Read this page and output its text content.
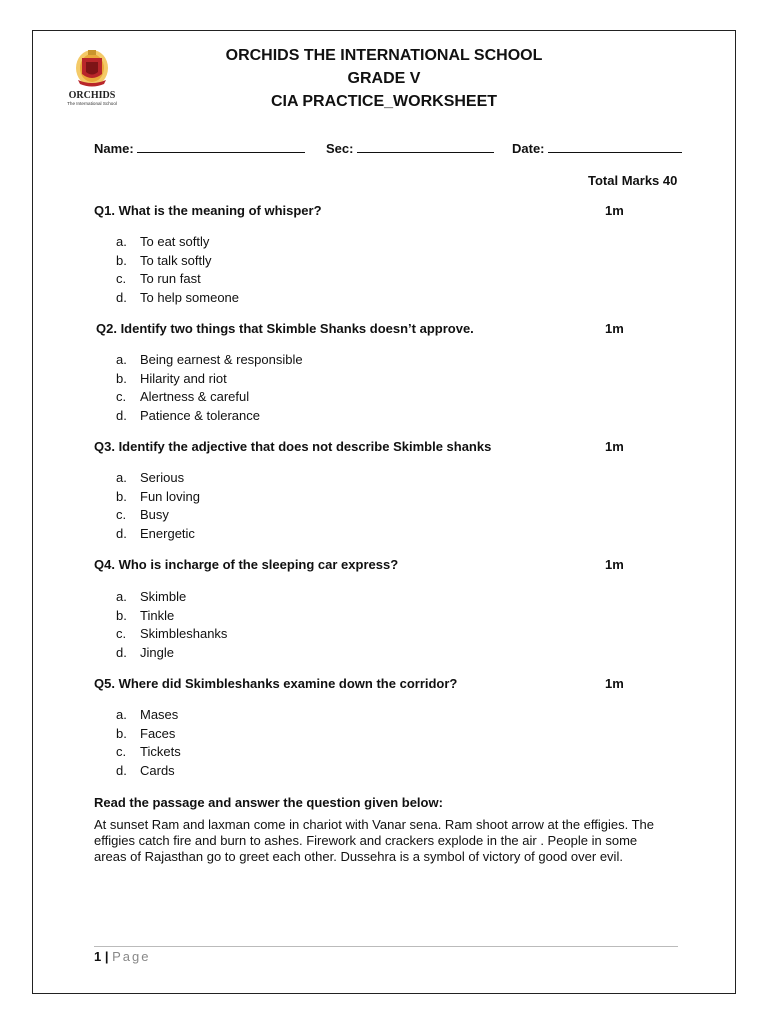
ORCHIDS
The International School
ORCHIDS THE INTERNATIONAL SCHOOL
GRADE V
CIA PRACTICE_WORKSHEET
Name:	Sec:	Date:
Total Marks 40
Q1. What is the meaning of whisper?	1m
a.	To eat softly
b.	To talk softly
c.	To run fast
d.	To help someone
Q2. Identify two things that Skimble Shanks doesn’t approve.	1m
a.	Being earnest & responsible
b.	Hilarity and riot
c.	Alertness & careful
d.	Patience & tolerance
Q3. Identify the adjective that does not describe Skimble shanks	1m
a.	Serious
b.	Fun loving
c.	Busy
d.	Energetic
Q4. Who is incharge of the sleeping car express?	1m
a.	Skimble
b.	Tinkle
c.	Skimbleshanks
d.	Jingle
Q5. Where did Skimbleshanks examine down the corridor?	1m
a.	Mases
b.	Faces
c.	Tickets
d.	Cards
Read the passage and answer the question given below:
At sunset Ram and laxman come in chariot with Vanar sena. Ram shoot arrow at the effigies. The
effigies catch fire and burn to ashes. Firework and crackers explode in the air . People in some
areas of Rajasthan go to greet each other. Dussehra is a symbol of victory of good over evil.
1 | Page
